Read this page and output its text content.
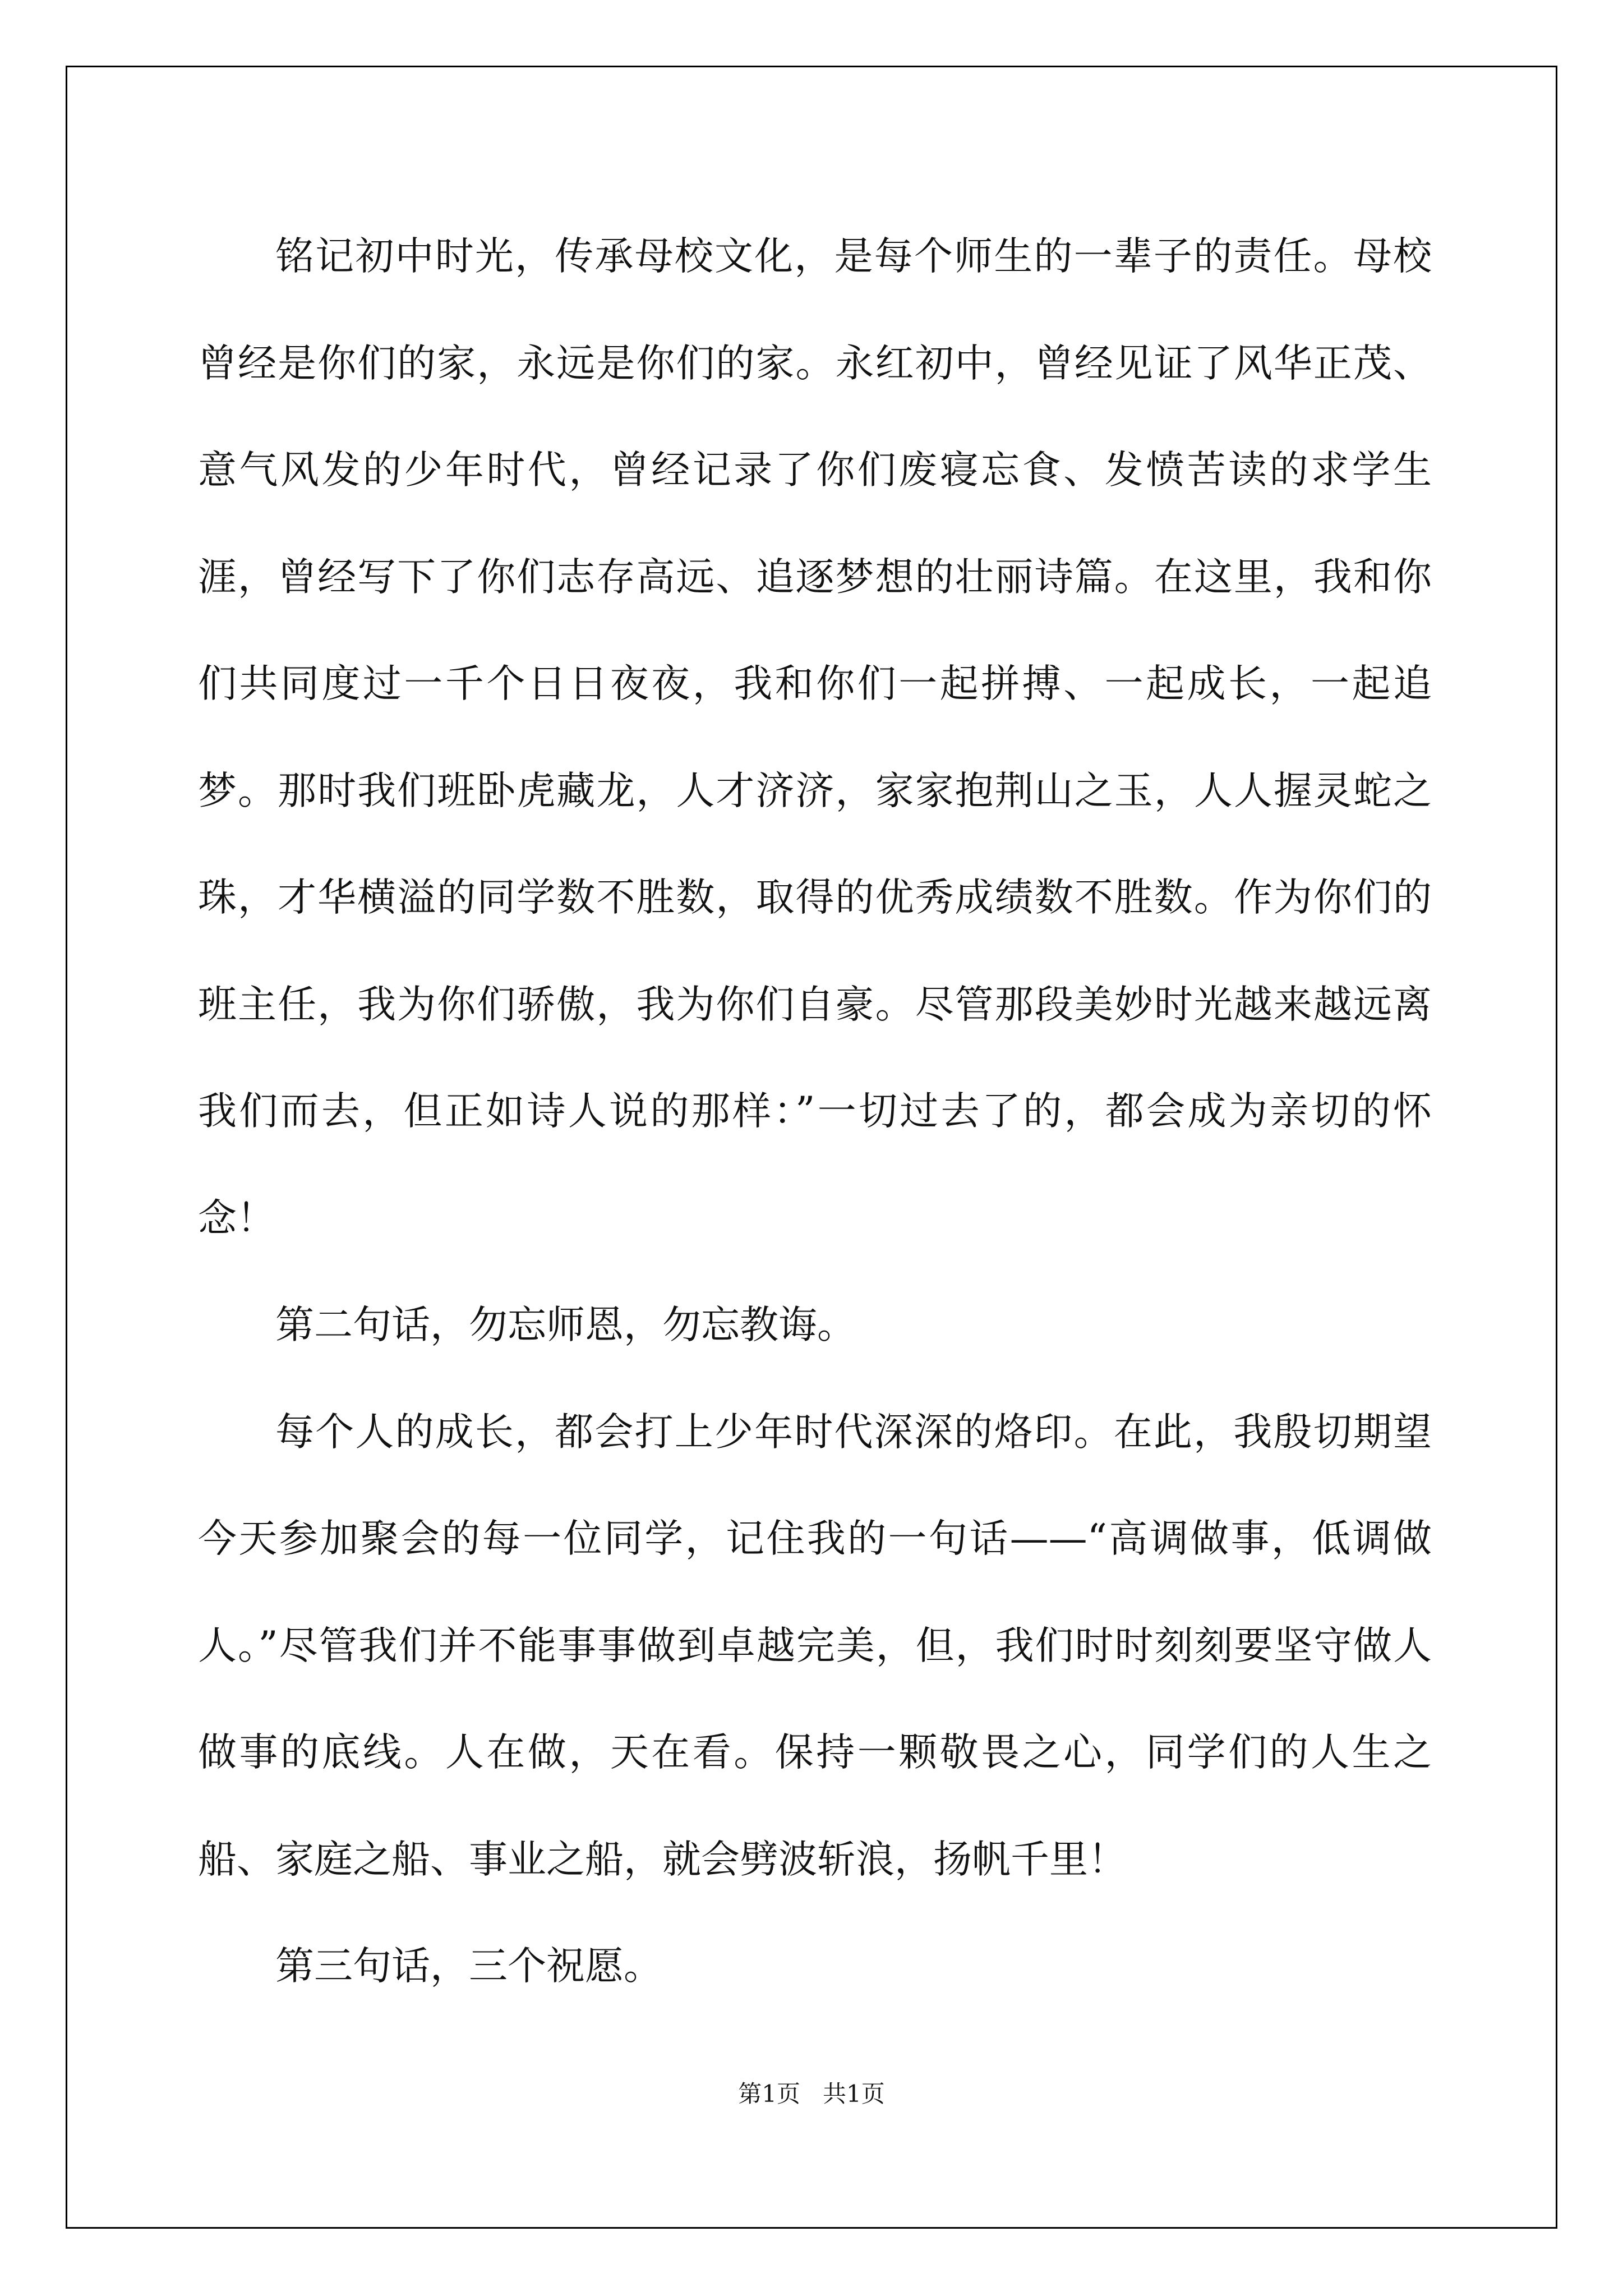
铭记初中时光，传承母校文化，是每个师生的一辈子的责任。母校曾经是你们的家，永远是你们的家。永红初中，曾经见证了风华正茂、意气风发的少年时代，曾经记录了你们废寝忘食、发愤苦读的求学生涯，曾经写下了你们志存高远、追逐梦想的壮丽诗篇。在这里，我和你们共同度过一千个日日夜夜，我和你们一起拼搏、一起成长，一起追梦。那时我们班卧虎藏龙，人才济济，家家抱荆山之玉，人人握灵蛇之珠，才华横溢的同学数不胜数，取得的优秀成绩数不胜数。作为你们的班主任，我为你们骄傲，我为你们自豪。尽管那段美妙时光越来越远离我们而去，但正如诗人说的那样：”一切过去了的，都会成为亲切的怀念！

第二句话，勿忘师恩，勿忘教诲。

每个人的成长，都会打上少年时代深深的烙印。在此，我殷切期望今天参加聚会的每一位同学，记住我的一句话——“高调做事，低调做人。”尽管我们并不能事事做到卓越完美，但，我们时时刻刻要坚守做人做事的底线。人在做，天在看。保持一颗敬畏之心，同学们的人生之船、家庭之船、事业之船，就会劈波斩浪，扬帆千里！

第三句话，三个祝愿。

第1页   共1页
